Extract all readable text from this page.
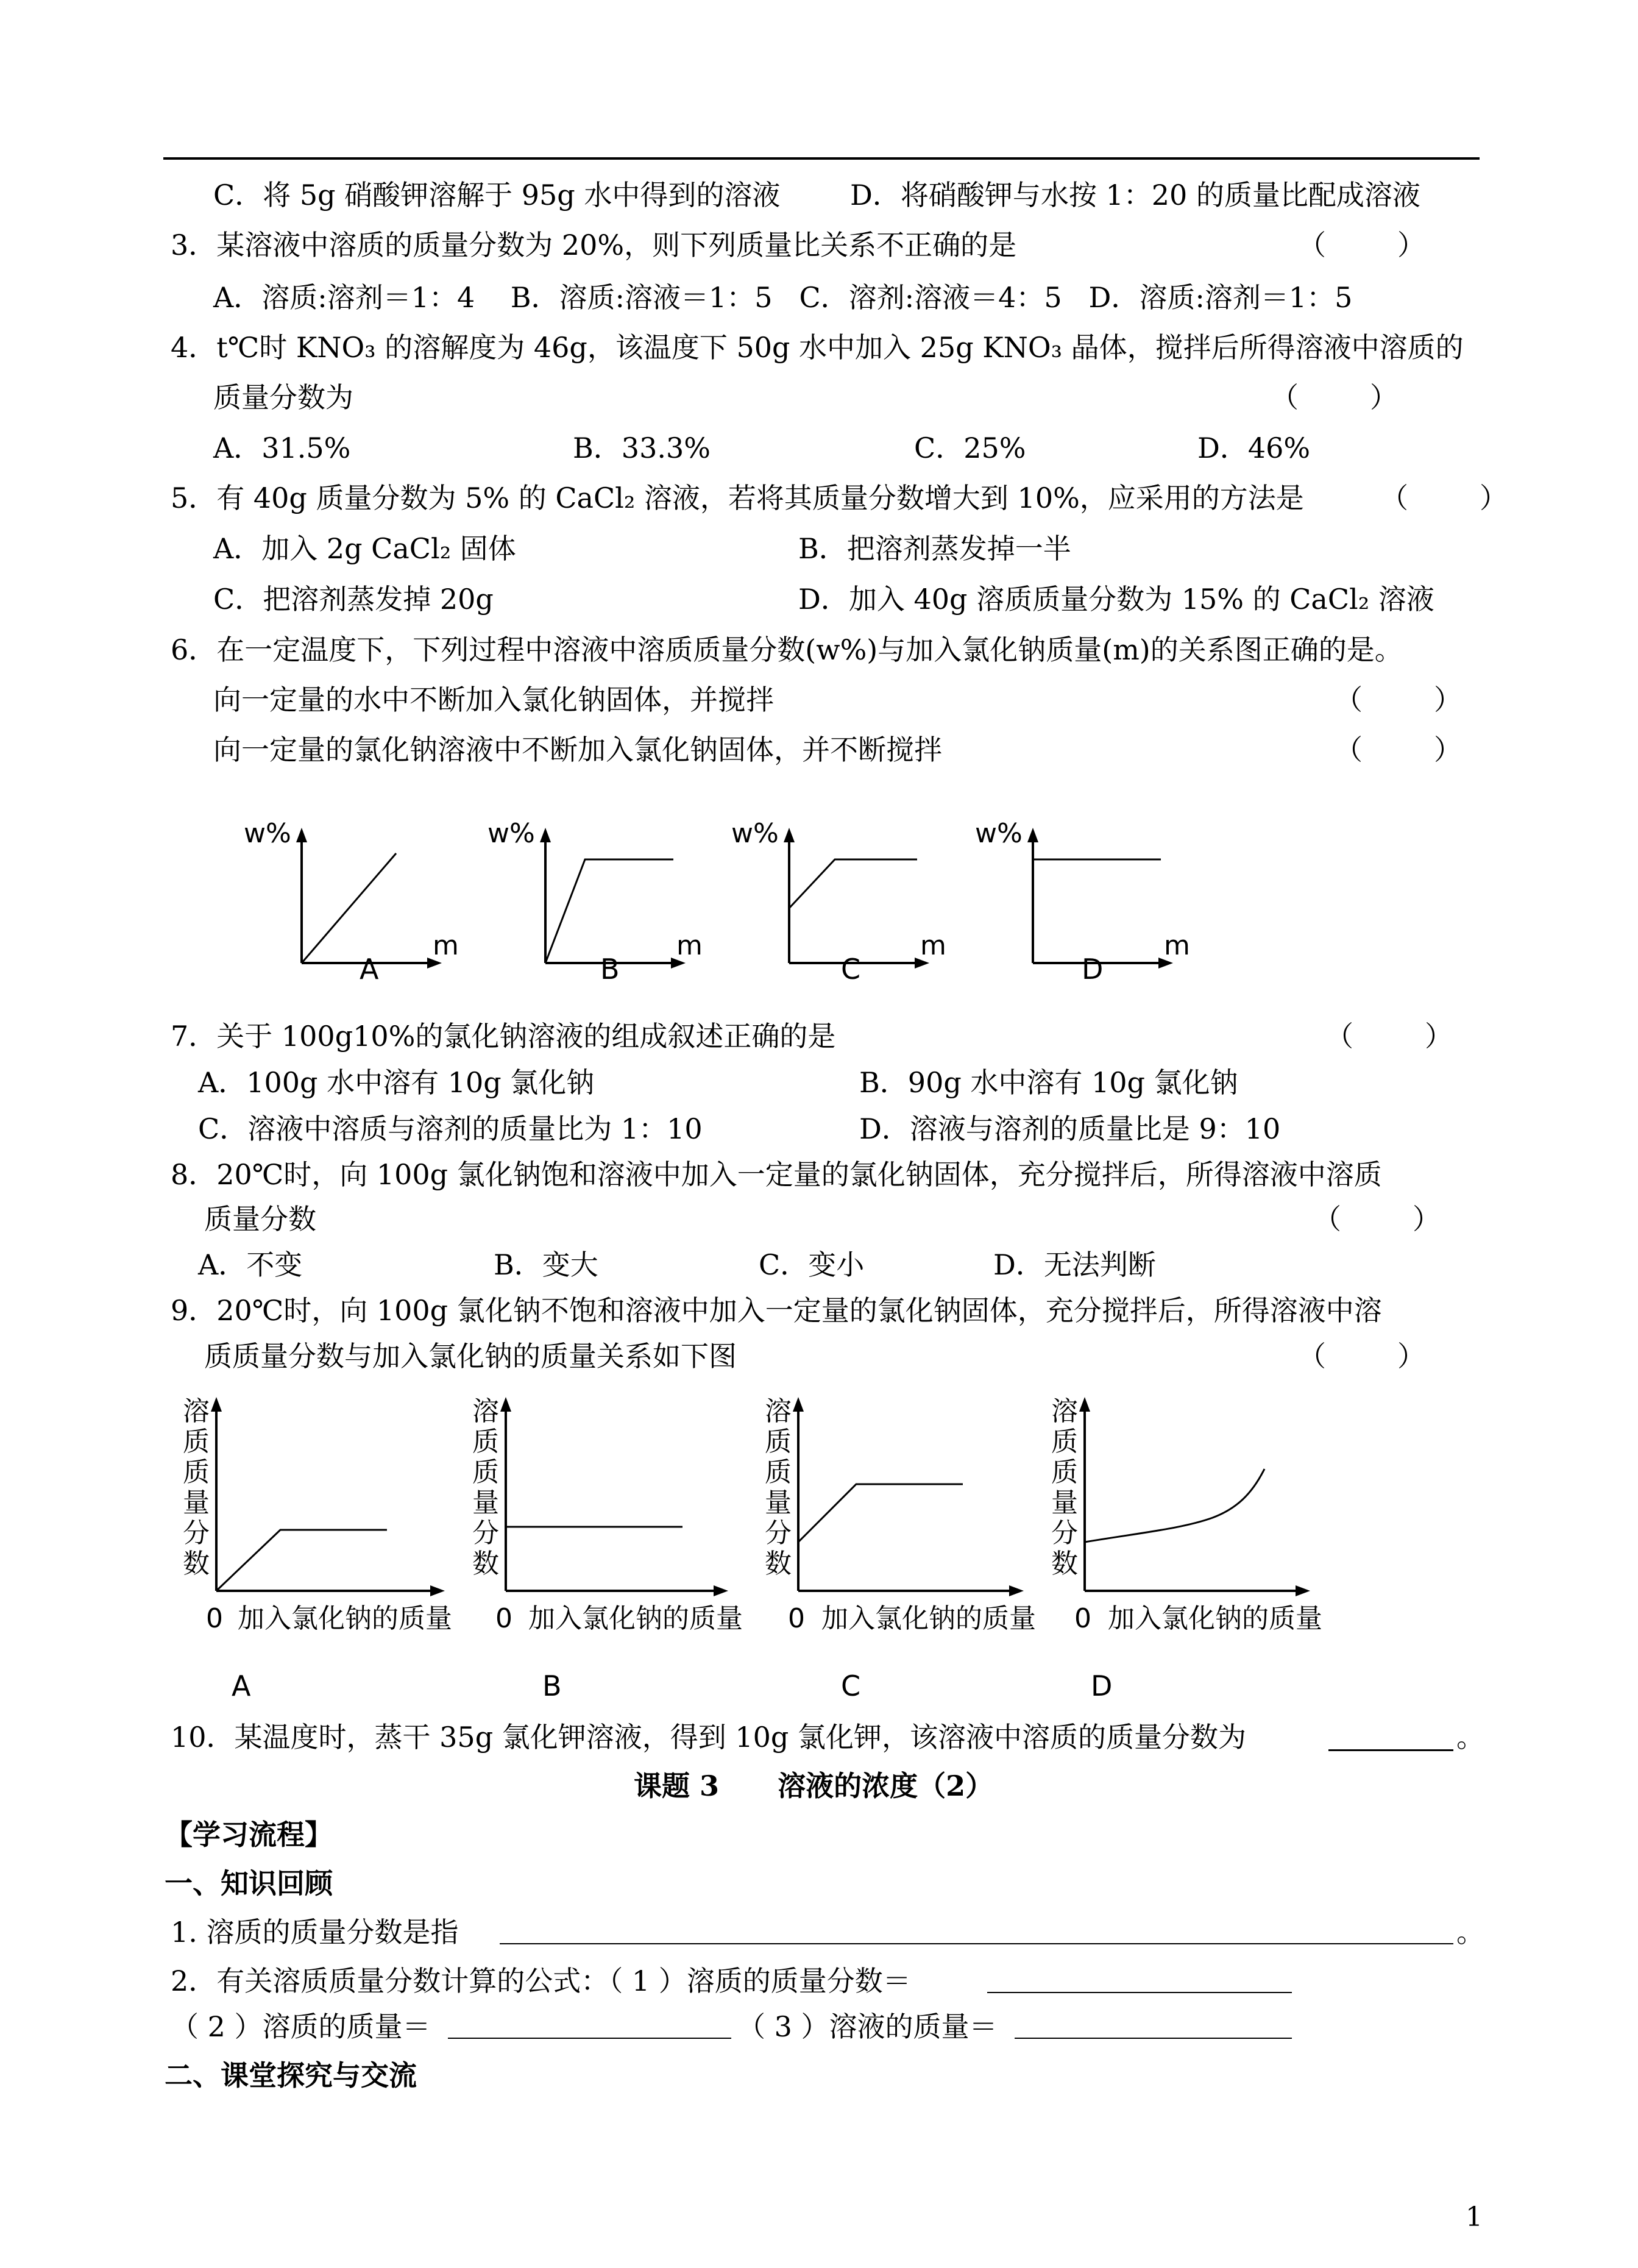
C．将 5g 硝酸钾溶解于 95g 水中得到的溶液

D．将硝酸钾与水按 1：20 的质量比配成溶液

3．某溶液中溶质的质量分数为 20%，则下列质量比关系不正确的是

	（        ）

A．溶质:溶剂＝1：4    B．溶质:溶液＝1：5   C．溶剂:溶液＝4：5   D．溶质:溶剂＝1：5

4．t℃时 KNO₃ 的溶解度为 46g，该温度下 50g 水中加入 25g KNO₃ 晶体，搅拌后所得溶液中溶质的

质量分数为

	（        ）

A．31.5%

	B．33.3%

	C．25%

	D．46%

5．有 40g 质量分数为 5% 的 CaCl₂ 溶液，若将其质量分数增大到 10%，应采用的方法是

	（        ）

A．加入 2g CaCl₂ 固体

	B．把溶剂蒸发掉一半

C．把溶剂蒸发掉 20g

	D．加入 40g 溶质质量分数为 15% 的 CaCl₂ 溶液

6．在一定温度下，下列过程中溶液中溶质质量分数(w%)与加入氯化钠质量(m)的关系图正确的是。

向一定量的水中不断加入氯化钠固体，并搅拌

	（        ）

向一定量的氯化钠溶液中不断加入氯化钠固体，并不断搅拌

	（        ）

w%
m
w%
m
w%
m
w%
m
A	B	C	D

7．关于 100g10%的氯化钠溶液的组成叙述正确的是

	（        ）

A．100g 水中溶有 10g 氯化钠

	B．90g 水中溶有 10g 氯化钠

C．溶液中溶质与溶剂的质量比为 1：10

	D．溶液与溶剂的质量比是 9：10

8．20℃时，向 100g 氯化钠饱和溶液中加入一定量的氯化钠固体，充分搅拌后，所得溶液中溶质

质量分数

	（        ）

A．不变

	B．变大

	C．变小

	D．无法判断

9．20℃时，向 100g 氯化钠不饱和溶液中加入一定量的氯化钠固体，充分搅拌后，所得溶液中溶

质质量分数与加入氯化钠的质量关系如下图

	（        ）

溶
质
质
量
分
数
0 加入氯化钠的质量
溶
质
质
量
分
数
0 加入氯化钠的质量
溶
质
质
量
分
数
0 加入氯化钠的质量
溶
质
质
量
分
数
0 加入氯化钠的质量
A	B	C	D

10．某温度时，蒸干 35g 氯化钾溶液，得到 10g 氯化钾，该溶液中溶质的质量分数为

	。

课题 3      溶液的浓度（2）

【学习流程】

一、知识回顾

1. 溶质的质量分数是指

	。

2．有关溶质质量分数计算的公式：（ 1 ）溶质的质量分数＝

（ 2 ）溶质的质量＝

	（ 3 ）溶液的质量＝

二、课堂探究与交流

1
